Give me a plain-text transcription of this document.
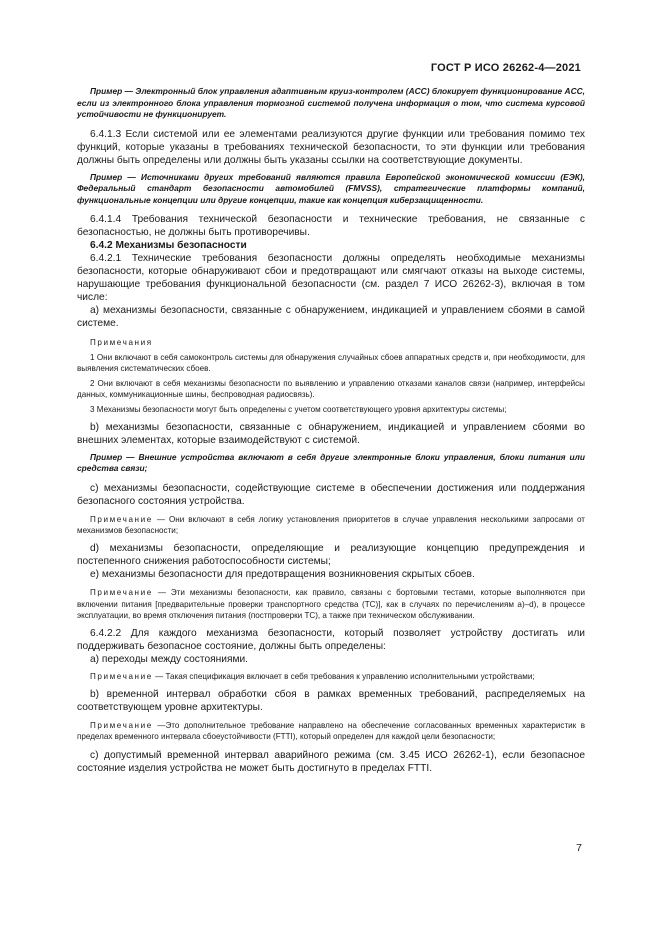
ГОСТ Р ИСО 26262-4—2021

Пример — Электронный блок управления адаптивным круиз-контролем (ACC) блокирует функционирование ACC, если из электронного блока управления тормозной системой получена информация о том, что система курсовой устойчивости не функционирует.

6.4.1.3 Если системой или ее элементами реализуются другие функции или требования помимо тех функций, которые указаны в требованиях технической безопасности, то эти функции или требования должны быть определены или должны быть указаны ссылки на соответствующие документы.

Пример — Источниками других требований являются правила Европейской экономической комиссии (ЕЭК), Федеральный стандарт безопасности автомобилей (FMVSS), стратегические платформы компаний, функциональные концепции или другие концепции, такие как концепция киберзащищенности.

6.4.1.4 Требования технической безопасности и технические требования, не связанные с безопасностью, не должны быть противоречивы.

6.4.2 Механизмы безопасности

6.4.2.1 Технические требования безопасности должны определять необходимые механизмы безопасности, которые обнаруживают сбои и предотвращают или смягчают отказы на выходе системы, нарушающие требования функциональной безопасности (см. раздел 7 ИСО 26262-3), включая в том числе:

a) механизмы безопасности, связанные с обнаружением, индикацией и управлением сбоями в самой системе.

Примечания

1 Они включают в себя самоконтроль системы для обнаружения случайных сбоев аппаратных средств и, при необходимости, для выявления систематических сбоев.

2 Они включают в себя механизмы безопасности по выявлению и управлению отказами каналов связи (например, интерфейсы данных, коммуникационные шины, беспроводная радиосвязь).

3 Механизмы безопасности могут быть определены с учетом соответствующего уровня архитектуры системы;

b) механизмы безопасности, связанные с обнаружением, индикацией и управлением сбоями во внешних элементах, которые взаимодействуют с системой.

Пример — Внешние устройства включают в себя другие электронные блоки управления, блоки питания или средства связи;

c) механизмы безопасности, содействующие системе в обеспечении достижения или поддержания безопасного состояния устройства.

Примечание — Они включают в себя логику установления приоритетов в случае управления несколькими запросами от механизмов безопасности;

d) механизмы безопасности, определяющие и реализующие концепцию предупреждения и постепенного снижения работоспособности системы;

e) механизмы безопасности для предотвращения возникновения скрытых сбоев.

Примечание — Эти механизмы безопасности, как правило, связаны с бортовыми тестами, которые выполняются при включении питания [предварительные проверки транспортного средства (ТС)], как в случаях по перечислениям a)–d), в процессе эксплуатации, во время отключения питания (постпроверки ТС), а также при техническом обслуживании.

6.4.2.2 Для каждого механизма безопасности, который позволяет устройству достигать или поддерживать безопасное состояние, должны быть определены:

a) переходы между состояниями.

Примечание — Такая спецификация включает в себя требования к управлению исполнительными устройствами;

b) временной интервал обработки сбоя в рамках временных требований, распределяемых на соответствующем уровне архитектуры.

Примечание —Это дополнительное требование направлено на обеспечение согласованных временных характеристик в пределах временного интервала сбоеустойчивости (FTTI), который определен для каждой цели безопасности;

c) допустимый временной интервал аварийного режима (см. 3.45 ИСО 26262-1), если безопасное состояние изделия устройства не может быть достигнуто в пределах FTTI.

7
